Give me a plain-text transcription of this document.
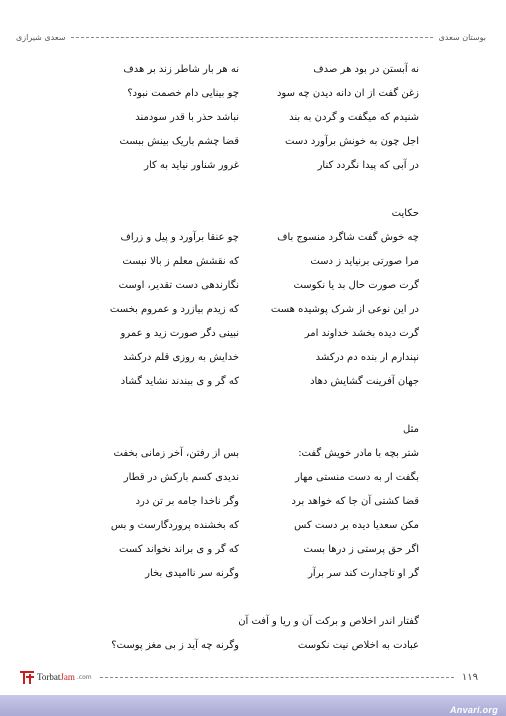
بوستان سعدی
سعدی شیرازی
نه آبستن در بود هر صدف
نه هر بار شاطر زند بر هدف
زغن گفت از ان دانه دیدن چه سود
چو بینایی دام خصمت نبود؟
شنیدم که میگفت و گردن به بند
نباشد حذر با قدر سودمند
اجل چون به خونش برآورد دست
قضا چشم باریک بینش ببست
در آبی که پیدا نگردد کنار
غرور شناور نیاید به کار
حکایت
چه خوش گفت شاگرد منسوج باف
چو عنقا برآورد و پیل و زراف
مرا صورتی برنیاید ز دست
که نقشش معلم ز بالا نبست
گرت صورت حال بد یا نکوست
نگارندهی دست تقدیر، اوست
در این نوعی از شرک پوشیده هست
که زیدم بیازرد و عمروم بخست
گرت دیده بخشد خداوند امر
نبینی دگر صورت زید و عمرو
نپندارم ار بنده دم درکشد
خدایش به روزی قلم درکشد
جهان آفرینت گشایش دهاد
که گر و ی ببندند نشاید گشاد
مثل
شتر بچه با مادر خویش گفت:
بس از رفتن، آخر زمانی بخفت
بگفت ار به دست منستی مهار
ندیدی کسم بارکش در قطار
قضا کشتی آن جا که خواهد برد
وگر ناخدا جامه بر تن درد
مکن سعدیا دیده بر دست کس
که بخشنده پروردگارست و بس
اگر حق پرستی ز درها بست
که گر و ی براند نخواند کست
گر او تاجدارت کند سر برآر
وگرنه سر ناامیدی بخار
گفتار اندر اخلاص و برکت آن و ریا و آفت آن
عبادت به اخلاص نیت نکوست
وگرنه چه آید ز بی مغز پوست؟
TorbatJam .com	۱۱۹
Anvari.org
